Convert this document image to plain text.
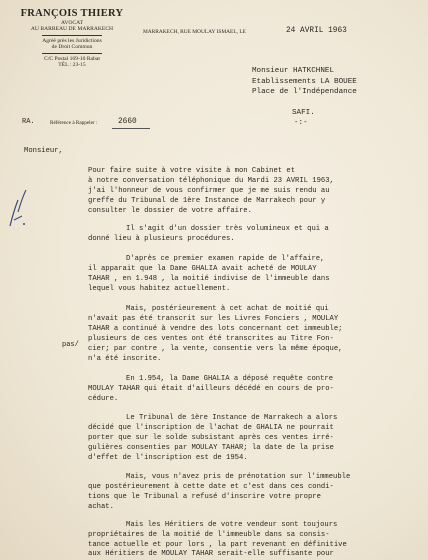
FRANÇOIS THIERY
AVOCAT
AU BARREAU DE MARRAKECH
Agréé près les Juridictions
de Droit Commun
C/C Postal 169-10 Rabat
TÉL : 23-15
MARRAKECH, RUE MOULAY ISMAEL, LE	24 AVRIL 1963
Monsieur HATKCHNEL
Etablissements LA BOUEE
Place de l'Indépendance
SAFI.
-:-
RA.	Référence à Rappeler :	2660
pas/
Monsieur,
Pour faire suite à votre visite à mon Cabinet et
à notre conversation téléphonique du Mardi 23 AVRIL 1963,
j'ai l'honneur de vous confirmer que je me suis rendu au
greffe du Tribunal de 1ère Instance de Marrakech pour y
consulter le dossier de votre affaire.
Il s'agit d'un dossier très volumineux et qui a
donné lieu à plusieurs procédures.
D'après ce premier examen rapide de l'affaire,
il apparait que la Dame GHALIA avait acheté de MOULAY
TAHAR , en 1.948 , la moitié indivise de l'immeuble dans
lequel vous habitez actuellement.
Mais, postérieurement à cet achat de moitié qui
n'avait pas été transcrit sur les Livres Fonciers , MOULAY
TAHAR a continué à vendre des lots concernant cet immeuble;
plusieurs de ces ventes ont été transcrites au Titre Fon-
cier; par contre , la vente, consentie vers la même époque,
n'a été inscrite.
En 1.954, la Dame GHALIA a déposé requête contre
MOULAY TAHAR qui était d'ailleurs décédé en cours de pro-
cédure.
Le Tribunal de 1ère Instance de Marrakech a alors
décidé que l'inscription de l'achat de GHALIA ne pourrait
porter que sur le solde subsistant après ces ventes irré-
gulières consenties par MOULAY TAHAR; la date de la prise
d'effet de l'inscription est de 1954.
Mais, vous n'avez pris de prénotation sur l'immeuble
que postérieurement à cette date et c'est dans ces condi-
tions que le Tribunal a refusé d'inscrire votre propre
achat.
Mais les Héritiers de votre vendeur sont toujours
propriétaires de la moitié de l'immeuble dans sa consis-
tance actuelle et pour lors , la part revenant en définitive
aux Héritiers de MOULAY TAHAR serait-elle suffisante pour
